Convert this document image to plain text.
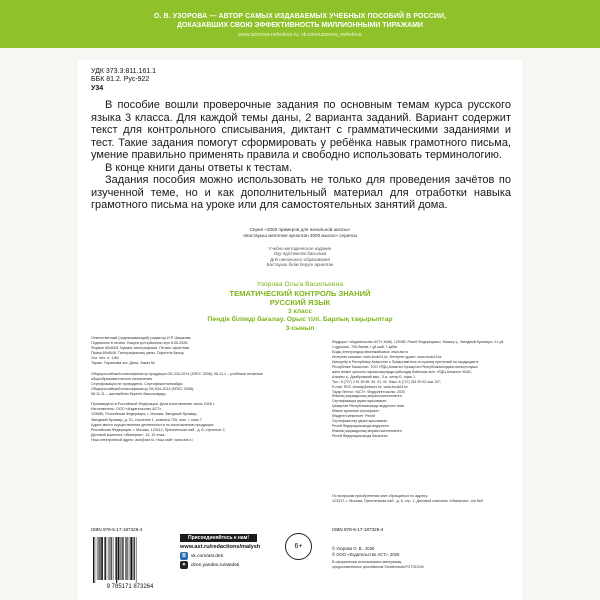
О. В. УЗОРОВА — АВТОР САМЫХ ИЗДАВАЕМЫХ УЧЕБНЫХ ПОСОБИЙ В РОССИИ,
ДОКАЗАВШИХ СВОЮ ЭФФЕКТИВНОСТЬ МИЛЛИОННЫМИ ТИРАЖАМИ
www.uzorova-nefedova.ru, vk.com/uzorova_nefedova
УДК 373.3:811.161.1
ББК 81.2. Рус-922
У34

В пособие вошли проверочные задания по основным темам курса русского языка 3 класса. Для каждой темы даны, 2 варианта заданий. Вариант содержит текст для контрольного списывания, диктант с грамматическими заданиями и тест. Такие задания помогут сформировать у ребёнка навык грамотного письма, умение правильно применять правила и свободно использовать терминологию.

В конце книги даны ответы к тестам.

Задания пособия можно использовать не только для проведения зачётов по изученной теме, но и как дополнительный материал для отработки навыка грамотного письма на уроке или для самостоятельных занятий дома.

Серия «3000 примеров для начальной школы»
«Бастауыш мектепке арналған 3000 мысал» сериясы
Учебно-методическое издание
Оқу-әдістемелік басылым
Для начального образования
Бастауыш білім беруге арналған
Узорова Ольга Васильевна
ТЕМАТИЧЕСКИЙ КОНТРОЛЬ ЗНАНИЙ
РУССКИЙ ЯЗЫК
3 класс
Пәндік білімді бағалау. Орыс тілі. Барлық тақырыптар
3-сынып
Ответственный (подписывающий) редактор И.Р. Шашкова
Подписано в печать. Басуға қол қойылған күні 8.06.2026.
Формат 60х84/8. Бумага типографская. Печать офсетная.
Пішімі 60х84/8. Типографиялық қағаз. Офсеттік басыу.
Усл. печ. л. 1,86.
Тираж. Тарапыма экз. Дана. Заказ №

Общероссийский классификатор продукции ОК-034-2014 (КПЕС 2008); 58.11.1 – учебники печатные
общеобразовательного назначения
Сертификация не проводится. Сертификатталмайды
Общероссийский классификатор ОК-034-2014 (КПЕС 2008);
58.11.11 – жалпыбілім беретін басылымдар.

Произведено в Российской Федерации. Дата изготовления: июль 2026 г.
Изготовитель: ООО «Издательство АСТ»,
129085, Российская Федерация, г. Москва, Звездный бульвар,
Звездный бульвар, д. 21, строение 1, комната 705, пом. I, этаж 7
Адрес места осуществления деятельности по изготовлению продукции:
Российская Федерация, г. Москва, 123112, Пресненская наб., д. 6, строение 2,
Деловой комплекс «Империя», 14, 15 этаж
Наш электронный адрес: asd@ast.ru. Наш сайт: www.ast.ru
Өндіруші: «Издательство АСТ» ЖШҚ, 129085, Ресей Федерациясы, Мәскеу қ., Звездный бульвары, 21-үй,
1-құрылыс, 705-бөлме, I-ұй-жай, 7-қабат
Біздің электрондық мекенжайымыз: www.ast.ru
Интернет-магазин: www.book24.kz, Интернет-дүкен: www.book24.kz
Импортёр в Республику Казахстан и Представитель по приему претензий на продукцию в
Республике Казахстан: ТОО «РДЦ Алматы» Қазақстан Республикасындағы импорттаушы
және өнімге қатысты наразылықтарды қабылдау бойынша өкіл: «РДЦ-Алматы» ЖШС,
Алматы қ., Домбровский көш., 3-а, литер Б, офис 1.
Тел.: 8 (727) 2 51 59 89, 90, 91, 92. Факс: 8 (727) 251 59 92 ішкі 107;
E-mail: RDC-Almaty@eksmo.kz, www.book24.kz
Тауар белгісі: «АСТ». Өндірілген жылы: 2026
Өнімнің жарамдылық мерзімі шектелмеген.
Сертификация қарастырылмаған
Қазақстан Республикасында өндірілген өнім
Өнімге арналған сертификат
Өндірген мемлекет: Ресей
Сертификаттау қарастырылмаған
Ресей Федерациясында өндірілген
Өнімнің жарамдылық мерзімі шектелмеген
Ресей Федерациясында басылған
По вопросам приобретения книг обращаться по адресу:
123317, г. Москва, Пресненская наб., д. 6, стр. 2, Деловой комплекс «Империя», а/я №5
ISBN 978-5-17-187326-4
9 785171 873264
Присоединяйтесь к нам!
www.ast.ru/redactions/malysh
B	vk.com/ast.deti
✦	dzen.yandex.ru/astdeti
6+
ISBN 978-5-17-187326-4
© Узорова О. В., 2026
© ООО «Издательство АСТ», 2026
В оформлении использованы материалы,
предоставленные фотобанком Shutterstock/FOTODOM
